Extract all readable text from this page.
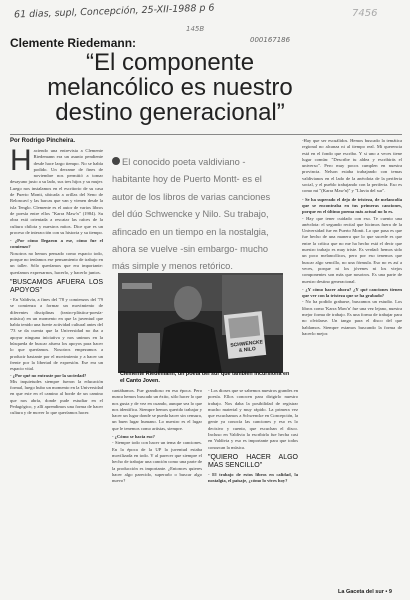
61 dias, supl, Concepción, 25-XII-1988 p 6
145B
000167186
7456
Clemente Riedemann:
“El componente melancólico es nuestro destino generacional”
Por Rodrigo Pincheira.

Haciendo una entrevista a Clemente Riedemann era un asunto pendiente desde hace largo tiempo. No se había podido. Un derrame de fines de noviembre nos permitió a tomar desayuno justo a su lado, sus tres hijos y su mujer. Luego nos instalamos en el escritorio de su casa de Puerto Montt, ubicada a orillas del Seno de Reloncaví y las barcas que van y vienen desde la isla Tenglo. Clemente es el autor de varios libros de poesía entre ellos "Karra Maw'n" (1984). Su obra está orientada a rescatar las raíces de la cultura chilota y nuestros mitos. Dice que es un proceso de interacción con su historia y su tiempo.

- ¿Por cómo llegaron a ese, cómo fue el comienzo?

Nosotros no hemos pensado como espacio todo, porque no teníamos ese pensamiento de trabajo en un taller. Sólo queríamos que era importante: queríamos expresarnos, hacerlo, y hacerlo juntos.

"BUSCAMOS AFUERA LOS APOYOS"

- En Valdivia, a fines del '78 y comienzos del '79 se comienza a formar un movimiento de diferentes disciplinas (teatro-plástica-poesía-música) en un momento en que la juventud que había tenido una fuerte actividad cultural antes del '73 se da cuenta que la Universidad no iba a apoyar ninguna iniciativa y nos unimos en la búsqueda de buscar afuera los apoyos para hacer lo que queríamos. Nosotros empezamos a producir bastante por el movimiento y a hacer un frente por la libertad de expresión. Ese era un espacio vital.

- ¿Por qué no entraste por la sociedad?

Mis inquietudes siempre fueron la educación formal, luego hubo un momento en la Universidad en que este en el camino al borde de un camino que nos abría, donde pude estudiar en el Pedagógico, y allí aprendimos una forma de hacer cultura y de mover lo que queríamos hacer.

El conocido poeta valdiviano -
habitante hoy de Puerto Montt- es el
autor de los libros de varias canciones
del dúo Schwencke y Nilo. Su trabajo,
afincado en un tiempo en la nostalgia,
ahora se vuelve -sin embargo- mucho
más simple y menos retórico.
SCHWENCKE & NILO
Clemente Riedemann, un poeta del sur que también incursiona en el Canto Joven.

cantábamos. Fue grandioso en esa época. Pero nunca hemos buscado un éxito, sólo hacer lo que nos gusta y de vez en cuando, aunque sea lo que nos identifica. Siempre hemos querido trabajar y hacer un lugar donde se pueda hacer sin censura, un buen lugar humano. Lo nuestro es el lugar que le tenemos como artistas, siempre.

- ¿Cómo se hacía eso?

- Siempre todo con hacer un tema de canciones. En la época de la UP la juventud estaba movilizada en todo. Y al parecer que siempre el hecho de trabajar una canción como una parte de la producción es importante. ¿Entonces quieres hacer algo parecido, superarlo o buscar algo nuevo?

- Los dioses que se sabemos nuestros grandes en poesía. Ellos conocen para dirigirlo nuestro trabajo. Nos daba la posibilidad de registrar mucho material y muy rápido. La primera vez que escuchamos a Schwencke en Concepción, la gente ya conocía las canciones y eso es lo decisivo y cuento, que escuchan el disco. Incluso en Valdivia la escribirla fue hecha casi en Valdivia y eso es importante para que todos conozcan la música.

"QUIERO HACER ALGO MAS SENCILLO"

- El trabajo de estos libros en calidad, la nostalgia, el paisaje, ¿cómo lo vives hoy?

-Hay que ser escuálidos. Hemos buscado la temática regional no alcanza ni al tiempo real. Mi querencia está en el fondo que escribo. Y si uno a veces tiene lugar común: "Describe tu aldea y escribirás el universo". Pero muy pocos cumplen en nuestra provincia. Nelson estaba trabajando con temas valdivianos en el lado de la anécdota de la periferia social, y el pueblo trabajando con la periferia. Eso es como mi "(Karra Maw'n)" y "Lluvia del sur".

- Se ha superado el dejo de tristeza, de melancolía que se encontraba en tus primeras canciones, porque en el último poema más actual no lo es.

- Hay que tener cuidado con eso. Te cuento una anécdota: el segundo recital que hicimos fuera de la Universidad fue en Puerto Montt. Lo que pasa es que fue hecho de una manera que lo que sucede es que entre la crítica que no me ha hecho está el decir que nuestro trabajo es muy triste. Es verdad: hemos sido un poco melancólicos, pero por eso tenemos que buscar algo sencillo, no una fórmula. Eso no es así a veces, porque ni los jóvenes ni los viejos componentes son más que nosotros. Es una parte de nuestro destino generacional.

- ¿Y cómo hacer ahora? ¿Y qué canciones tienen que ver con la tristeza que se ha grabado?

- No ha podido grabarse, buscamos un estudio. Los libros como 'Karra Maw'n' fue una vez lejano, nuestra mejor forma de trabajo. Es una forma de trabajar para no olvidarse. Un tango para el disco del que hablamos. Siempre estamos buscando la forma de hacerlo mejor.

La Gaceta del sur • 9
